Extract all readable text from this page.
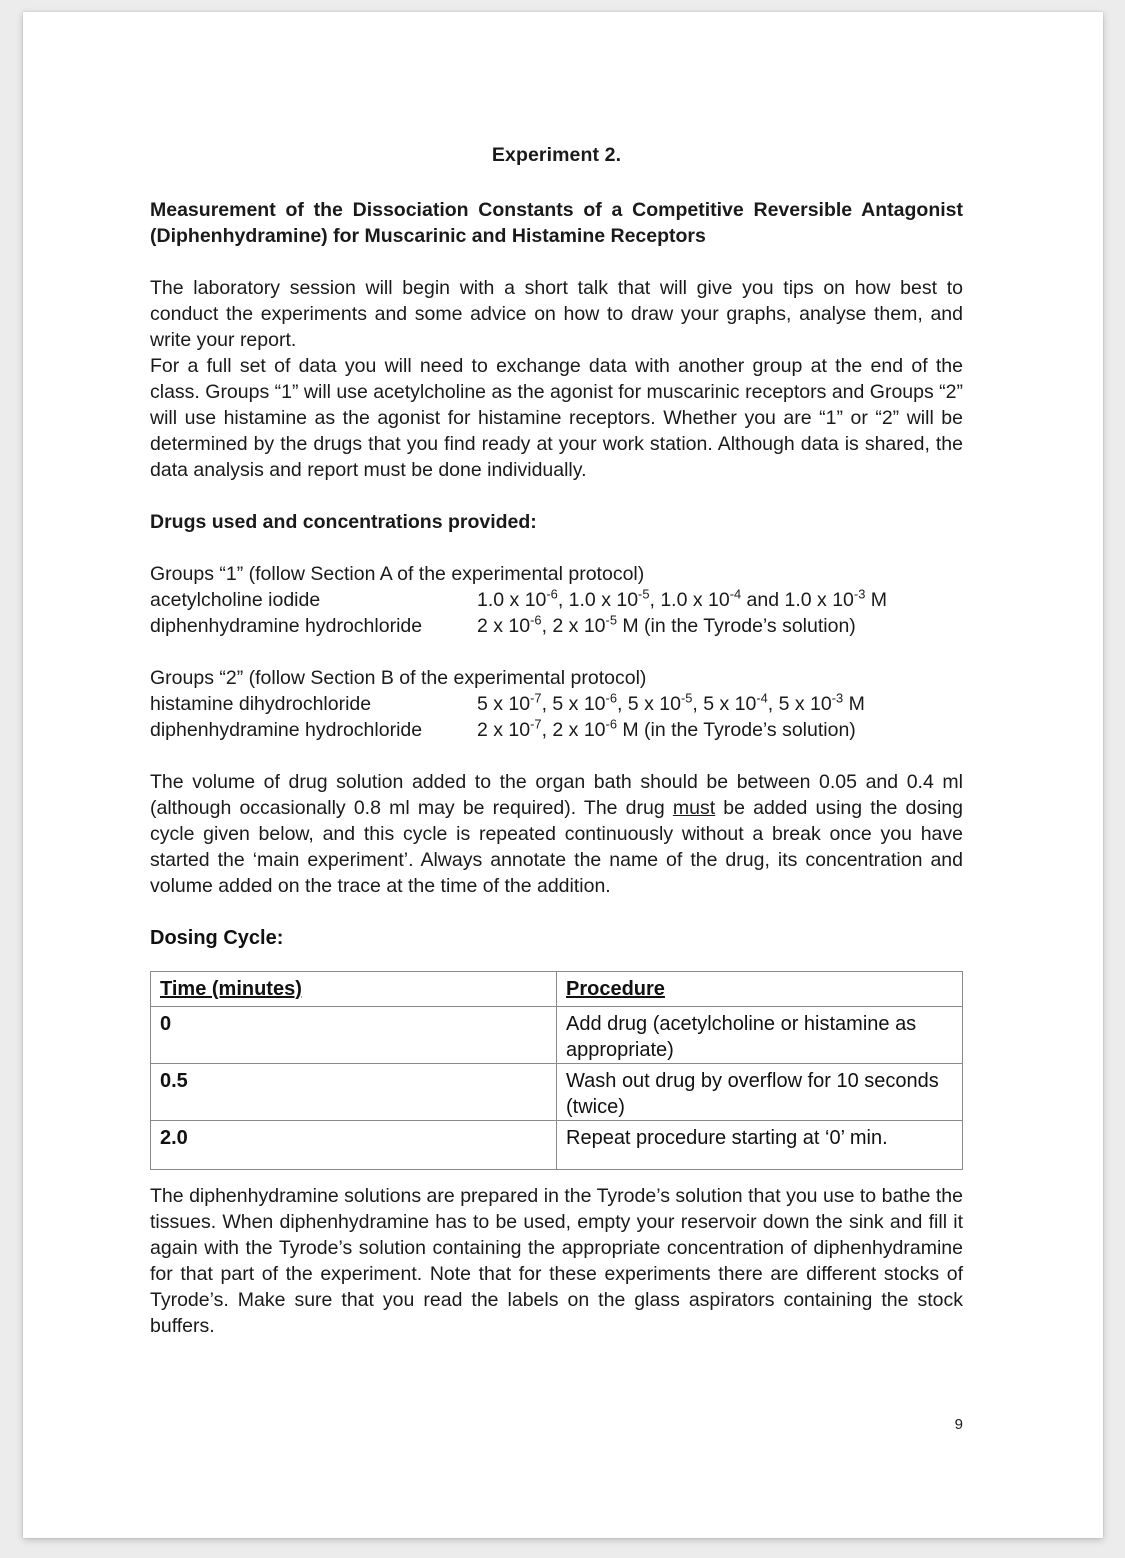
Experiment 2.
Measurement of the Dissociation Constants of a Competitive Reversible Antagonist (Diphenhydramine) for Muscarinic and Histamine Receptors

The laboratory session will begin with a short talk that will give you tips on how best to conduct the experiments and some advice on how to draw your graphs, analyse them, and write your report.

For a full set of data you will need to exchange data with another group at the end of the class. Groups “1” will use acetylcholine as the agonist for muscarinic receptors and Groups “2” will use histamine as the agonist for histamine receptors. Whether you are “1” or “2” will be determined by the drugs that you find ready at your work station. Although data is shared, the data analysis and report must be done individually.

Drugs used and concentrations provided:

Groups “1” (follow Section A of the experimental protocol)
acetylcholine iodide	1.0 x $10^{-6}$, 1.0 x $10^{-5}$, 1.0 x $10^{-4}$ and 1.0 x $10^{-3}$ M
diphenhydramine hydrochloride	2 x $10^{-6}$, 2 x $10^{-5}$ M (in the Tyrode’s solution)
Groups “2” (follow Section B of the experimental protocol)
histamine dihydrochloride	5 x $10^{-7}$, 5 x $10^{-6}$, 5 x $10^{-5}$, 5 x $10^{-4}$, 5 x $10^{-3}$ M
diphenhydramine hydrochloride	2 x $10^{-7}$, 2 x $10^{-6}$ M (in the Tyrode’s solution)

The volume of drug solution added to the organ bath should be between 0.05 and 0.4 ml (although occasionally 0.8 ml may be required). The drug must be added using the dosing cycle given below, and this cycle is repeated continuously without a break once you have started the ‘main experiment’. Always annotate the name of the drug, its concentration and volume added on the trace at the time of the addition.

Dosing Cycle:

Time (minutes)	Procedure
0	Add drug (acetylcholine or histamine as appropriate)
0.5	Wash out drug by overflow for 10 seconds (twice)
2.0	Repeat procedure starting at ‘0’ min.

The diphenhydramine solutions are prepared in the Tyrode’s solution that you use to bathe the tissues. When diphenhydramine has to be used, empty your reservoir down the sink and fill it again with the Tyrode’s solution containing the appropriate concentration of diphenhydramine for that part of the experiment. Note that for these experiments there are different stocks of Tyrode’s. Make sure that you read the labels on the glass aspirators containing the stock buffers.

9
